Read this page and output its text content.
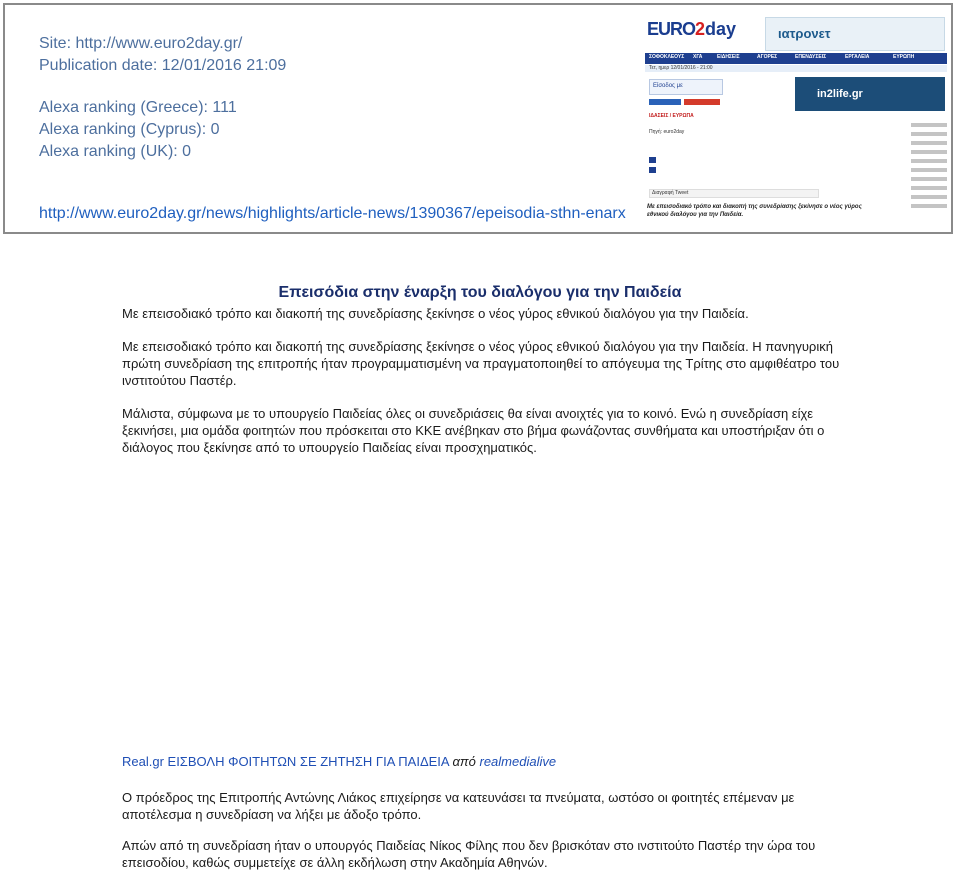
Site: http://www.euro2day.gr/
Publication date: 12/01/2016 21:09
Alexa ranking (Greece): 111
Alexa ranking (Cyprus): 0
Alexa ranking (UK): 0
http://www.euro2day.gr/news/highlights/article-news/1390367/epeisodia-sthn-enarx
EURO2day	ιατρoνετ
ΣΟΦΟΚΛΕΟΥΣ ΧΓΑ	ΕΙΔΗΣΕΙΣ	ΑΓΟΡΕΣ	ΕΠΕΝΔΥΣΕΙΣ	ΕΡΓΑΛΕΙΑ	ΕΥΡΩΠΗ
Τετ, ημερ 12/01/2016 - 21:00
Είσοδος με
ΙΔΑΣΕΙΣ / ΕΥΡΩΠΑ
Πηγή: euro2day
in2life.gr
Διαγραφή Tweet
Με επεισοδιακό τρόπο και διακοπή της συνεδρίασης ξεκίνησε ο νέος γύρος
εθνικού διαλόγου για την Παιδεία.
Επεισόδια στην έναρξη του διαλόγου για την Παιδεία

Με επεισοδιακό τρόπο και διακοπή της συνεδρίασης ξεκίνησε ο νέος γύρος εθνικού διαλόγου για την Παιδεία.

Με επεισοδιακό τρόπο και διακοπή της συνεδρίασης ξεκίνησε ο νέος γύρος εθνικού διαλόγου για την Παιδεία. Η πανηγυρική πρώτη συνεδρίαση της επιτροπής ήταν προγραμματισμένη να πραγματοποιηθεί το απόγευμα της Τρίτης στο αμφιθέατρο του ινστιτούτου Παστέρ.

Μάλιστα, σύμφωνα με το υπουργείο Παιδείας όλες οι συνεδριάσεις θα είναι ανοιχτές για το κοινό. Ενώ η συνεδρίαση είχε ξεκινήσει, μια ομάδα φοιτητών που πρόσκειται στο ΚΚΕ ανέβηκαν στο βήμα φωνάζοντας συνθήματα και υποστήριξαν ότι ο διάλογος που ξεκίνησε από το υπουργείο Παιδείας είναι προσχηματικός.

Real.gr ΕΙΣΒΟΛΗ ΦΟΙΤΗΤΩΝ ΣΕ ΖΗΤΗΣΗ ΓΙΑ ΠΑΙΔΕΙΑ από realmedialive

Ο πρόεδρος της Επιτροπής Αντώνης Λιάκος επιχείρησε να κατευνάσει τα πνεύματα, ωστόσο οι φοιτητές επέμεναν με αποτέλεσμα η συνεδρίαση να λήξει με άδοξο τρόπο.

Απών από τη συνεδρίαση ήταν ο υπουργός Παιδείας Νίκος Φίλης που δεν βρισκόταν στο ινστιτούτο Παστέρ την ώρα του επεισοδίου, καθώς συμμετείχε σε άλλη εκδήλωση στην Ακαδημία Αθηνών.
